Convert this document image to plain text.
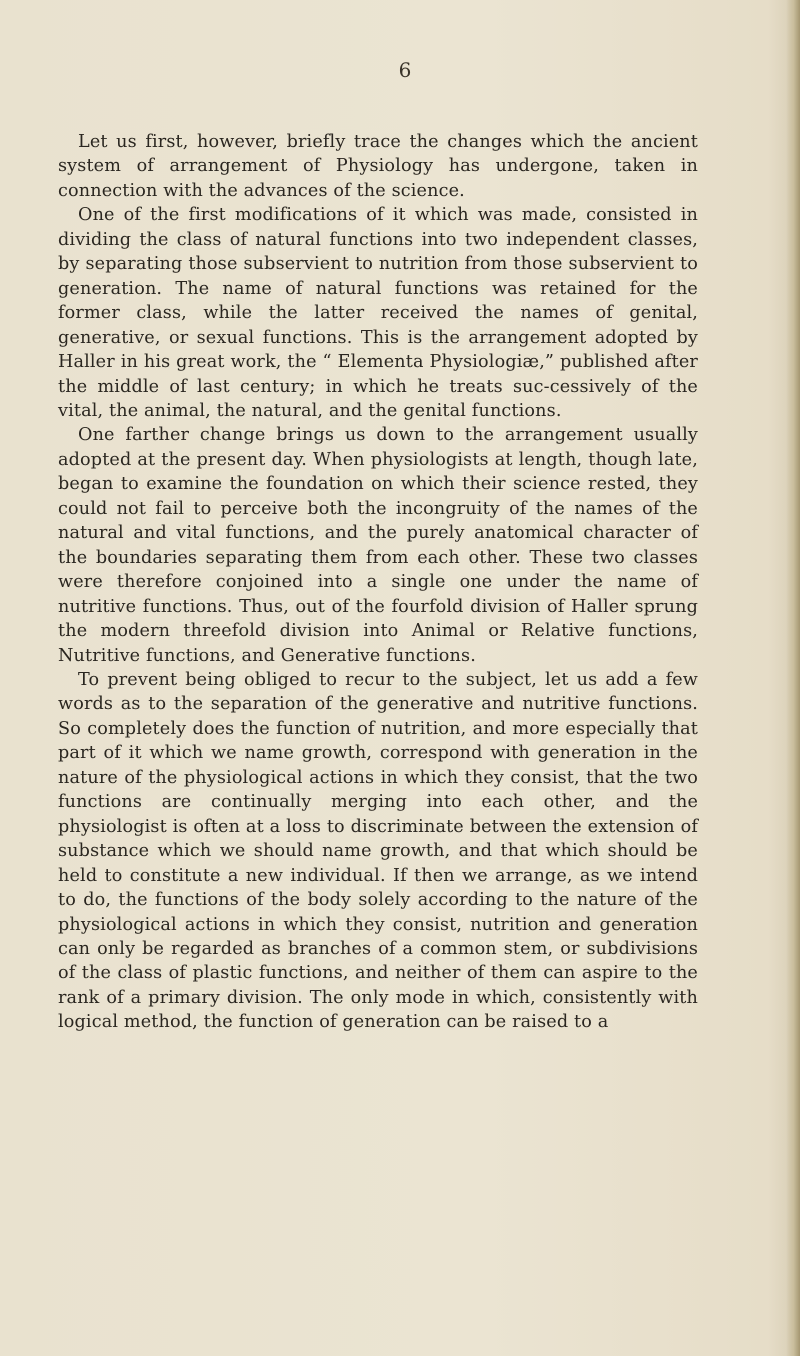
6

Let us first, however, briefly trace the changes which the ancient system of arrangement of Physiology has undergone, taken in connection with the advances of the science.

One of the first modifications of it which was made, consisted in dividing the class of natural functions into two independent classes, by separating those subservient to nutrition from those subservient to generation. The name of natural functions was retained for the former class, while the latter received the names of genital, generative, or sexual functions. This is the arrangement adopted by Haller in his great work, the “ Elementa Physiologiæ,” published after the middle of last century; in which he treats suc-cessively of the vital, the animal, the natural, and the genital functions.

One farther change brings us down to the arrangement usually adopted at the present day. When physiologists at length, though late, began to examine the foundation on which their science rested, they could not fail to perceive both the incongruity of the names of the natural and vital functions, and the purely anatomical character of the boundaries separating them from each other. These two classes were therefore conjoined into a single one under the name of nutritive functions. Thus, out of the fourfold division of Haller sprung the modern threefold division into Animal or Relative functions, Nutritive functions, and Generative functions.

To prevent being obliged to recur to the subject, let us add a few words as to the separation of the generative and nutritive functions. So completely does the function of nutrition, and more especially that part of it which we name growth, correspond with generation in the nature of the physiological actions in which they consist, that the two functions are continually merging into each other, and the physiologist is often at a loss to discriminate between the extension of substance which we should name growth, and that which should be held to constitute a new individual. If then we arrange, as we intend to do, the functions of the body solely according to the nature of the physiological actions in which they consist, nutrition and generation can only be regarded as branches of a common stem, or subdivisions of the class of plastic functions, and neither of them can aspire to the rank of a primary division. The only mode in which, consistently with logical method, the function of generation can be raised to a
